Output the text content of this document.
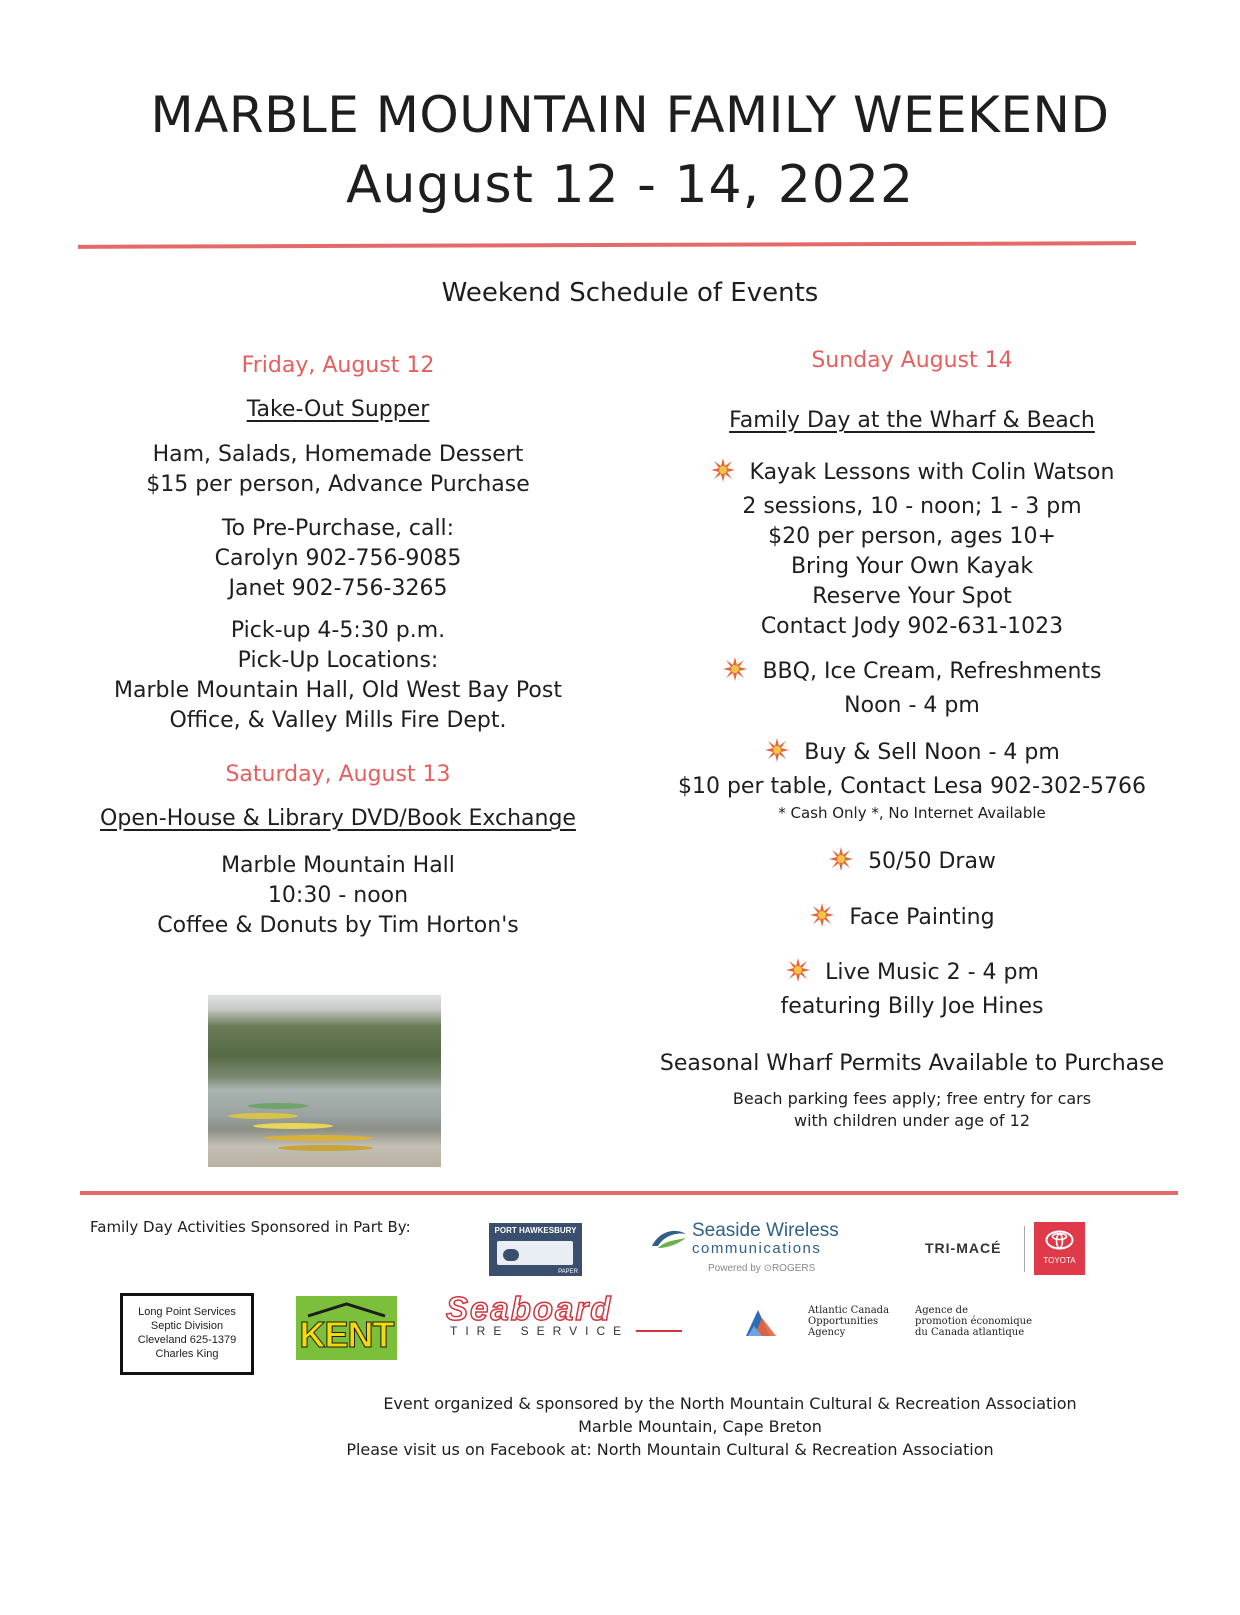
MARBLE MOUNTAIN FAMILY WEEKEND
August 12 - 14, 2022
Weekend Schedule of Events
Friday, August 12
Take-Out Supper
Ham, Salads, Homemade Dessert
$15 per person, Advance Purchase
To Pre-Purchase, call:
Carolyn 902-756-9085
Janet 902-756-3265
Pick-up 4-5:30 p.m.
Pick-Up Locations:
Marble Mountain Hall, Old West Bay Post
Office, & Valley Mills Fire Dept.
Saturday, August 13
Open-House & Library DVD/Book Exchange
Marble Mountain Hall
10:30 - noon
Coffee & Donuts by Tim Horton's
Sunday August 14
Family Day at the Wharf & Beach
Kayak Lessons with Colin Watson
2 sessions, 10 - noon; 1 - 3 pm
$20 per person, ages 10+
Bring Your Own Kayak
Reserve Your Spot
Contact Jody 902-631-1023
BBQ, Ice Cream, Refreshments
Noon - 4 pm
Buy & Sell Noon - 4 pm
$10 per table, Contact Lesa 902-302-5766
* Cash Only *, No Internet Available
50/50 Draw
Face Painting
Live Music 2 - 4 pm
featuring Billy Joe Hines
Seasonal Wharf Permits Available to Purchase
Beach parking fees apply; free entry for cars
with children under age of 12
Family Day Activities Sponsored in Part By:	PORT HAWKESBURY
PAPER
Seaside Wireless
communications
Powered by ⊙ROGERS
TRI-MACÉ
TOYOTA
Long Point Services
Septic Division
Cleveland 625-1379
Charles King	KENT
Seaboard
TIRE SERVICE
Atlantic Canada
Opportunities
Agency
Agence de
promotion économique
du Canada atlantique
Event organized & sponsored by the North Mountain Cultural & Recreation Association
Marble Mountain, Cape Breton
Please visit us on Facebook at: North Mountain Cultural & Recreation Association
